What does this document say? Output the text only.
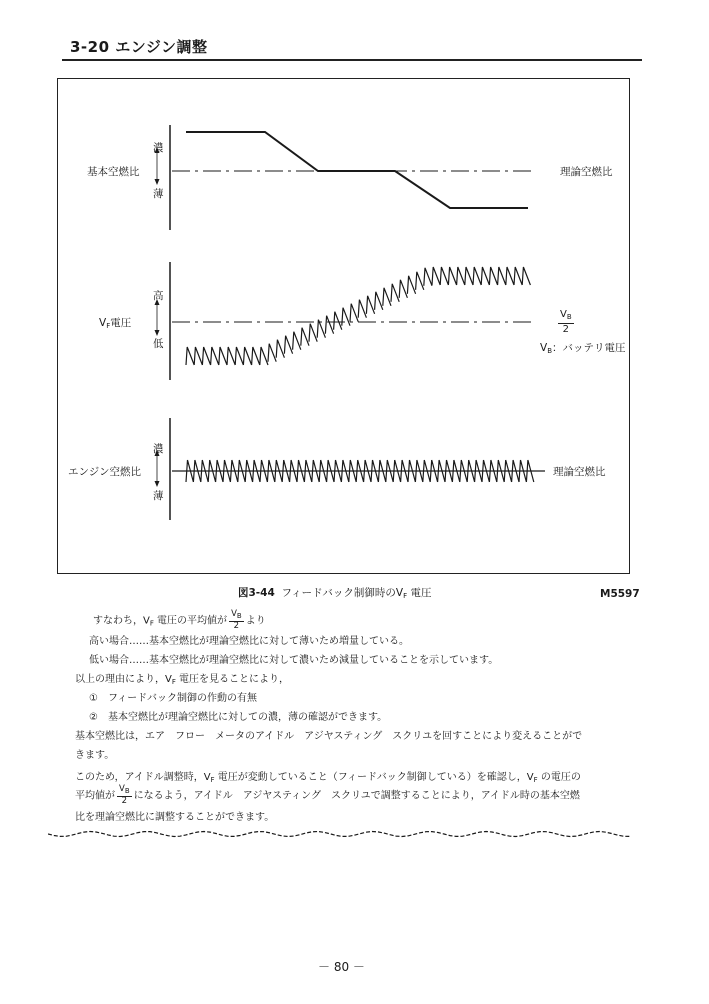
3-20 エンジン調整
濃
薄
基本空燃比	理論空燃比
高
低
$V_F$電圧	$\frac{V_B}{2}$
$V_B$：バッテリ電圧
濃
薄
エンジン空燃比	理論空燃比
図3-44 フィードバック制御時の$V_F$ 電圧	M5597
すなわち，$V_F$ 電圧の平均値が $\frac{V_B}{2}$ より
高い場合……基本空燃比が理論空燃比に対して薄いため増量している。
低い場合……基本空燃比が理論空燃比に対して濃いため減量していることを示しています。
以上の理由により，$V_F$ 電圧を見ることにより，
①　フィードバック制御の作動の有無
②　基本空燃比が理論空燃比に対しての濃，薄の確認ができます。
基本空燃比は，エア　フロー　メータのアイドル　アジヤスティング　スクリユを回すことにより変えることがで
きます。
このため，アイドル調整時，$V_F$ 電圧が変動していること（フィードバック制御している）を確認し，$V_F$ の電圧の
平均値が $\frac{V_B}{2}$ になるよう，アイドル　アジヤスティング　スクリユで調整することにより，アイドル時の基本空燃
比を理論空燃比に調整することができます。
－ 80 －
